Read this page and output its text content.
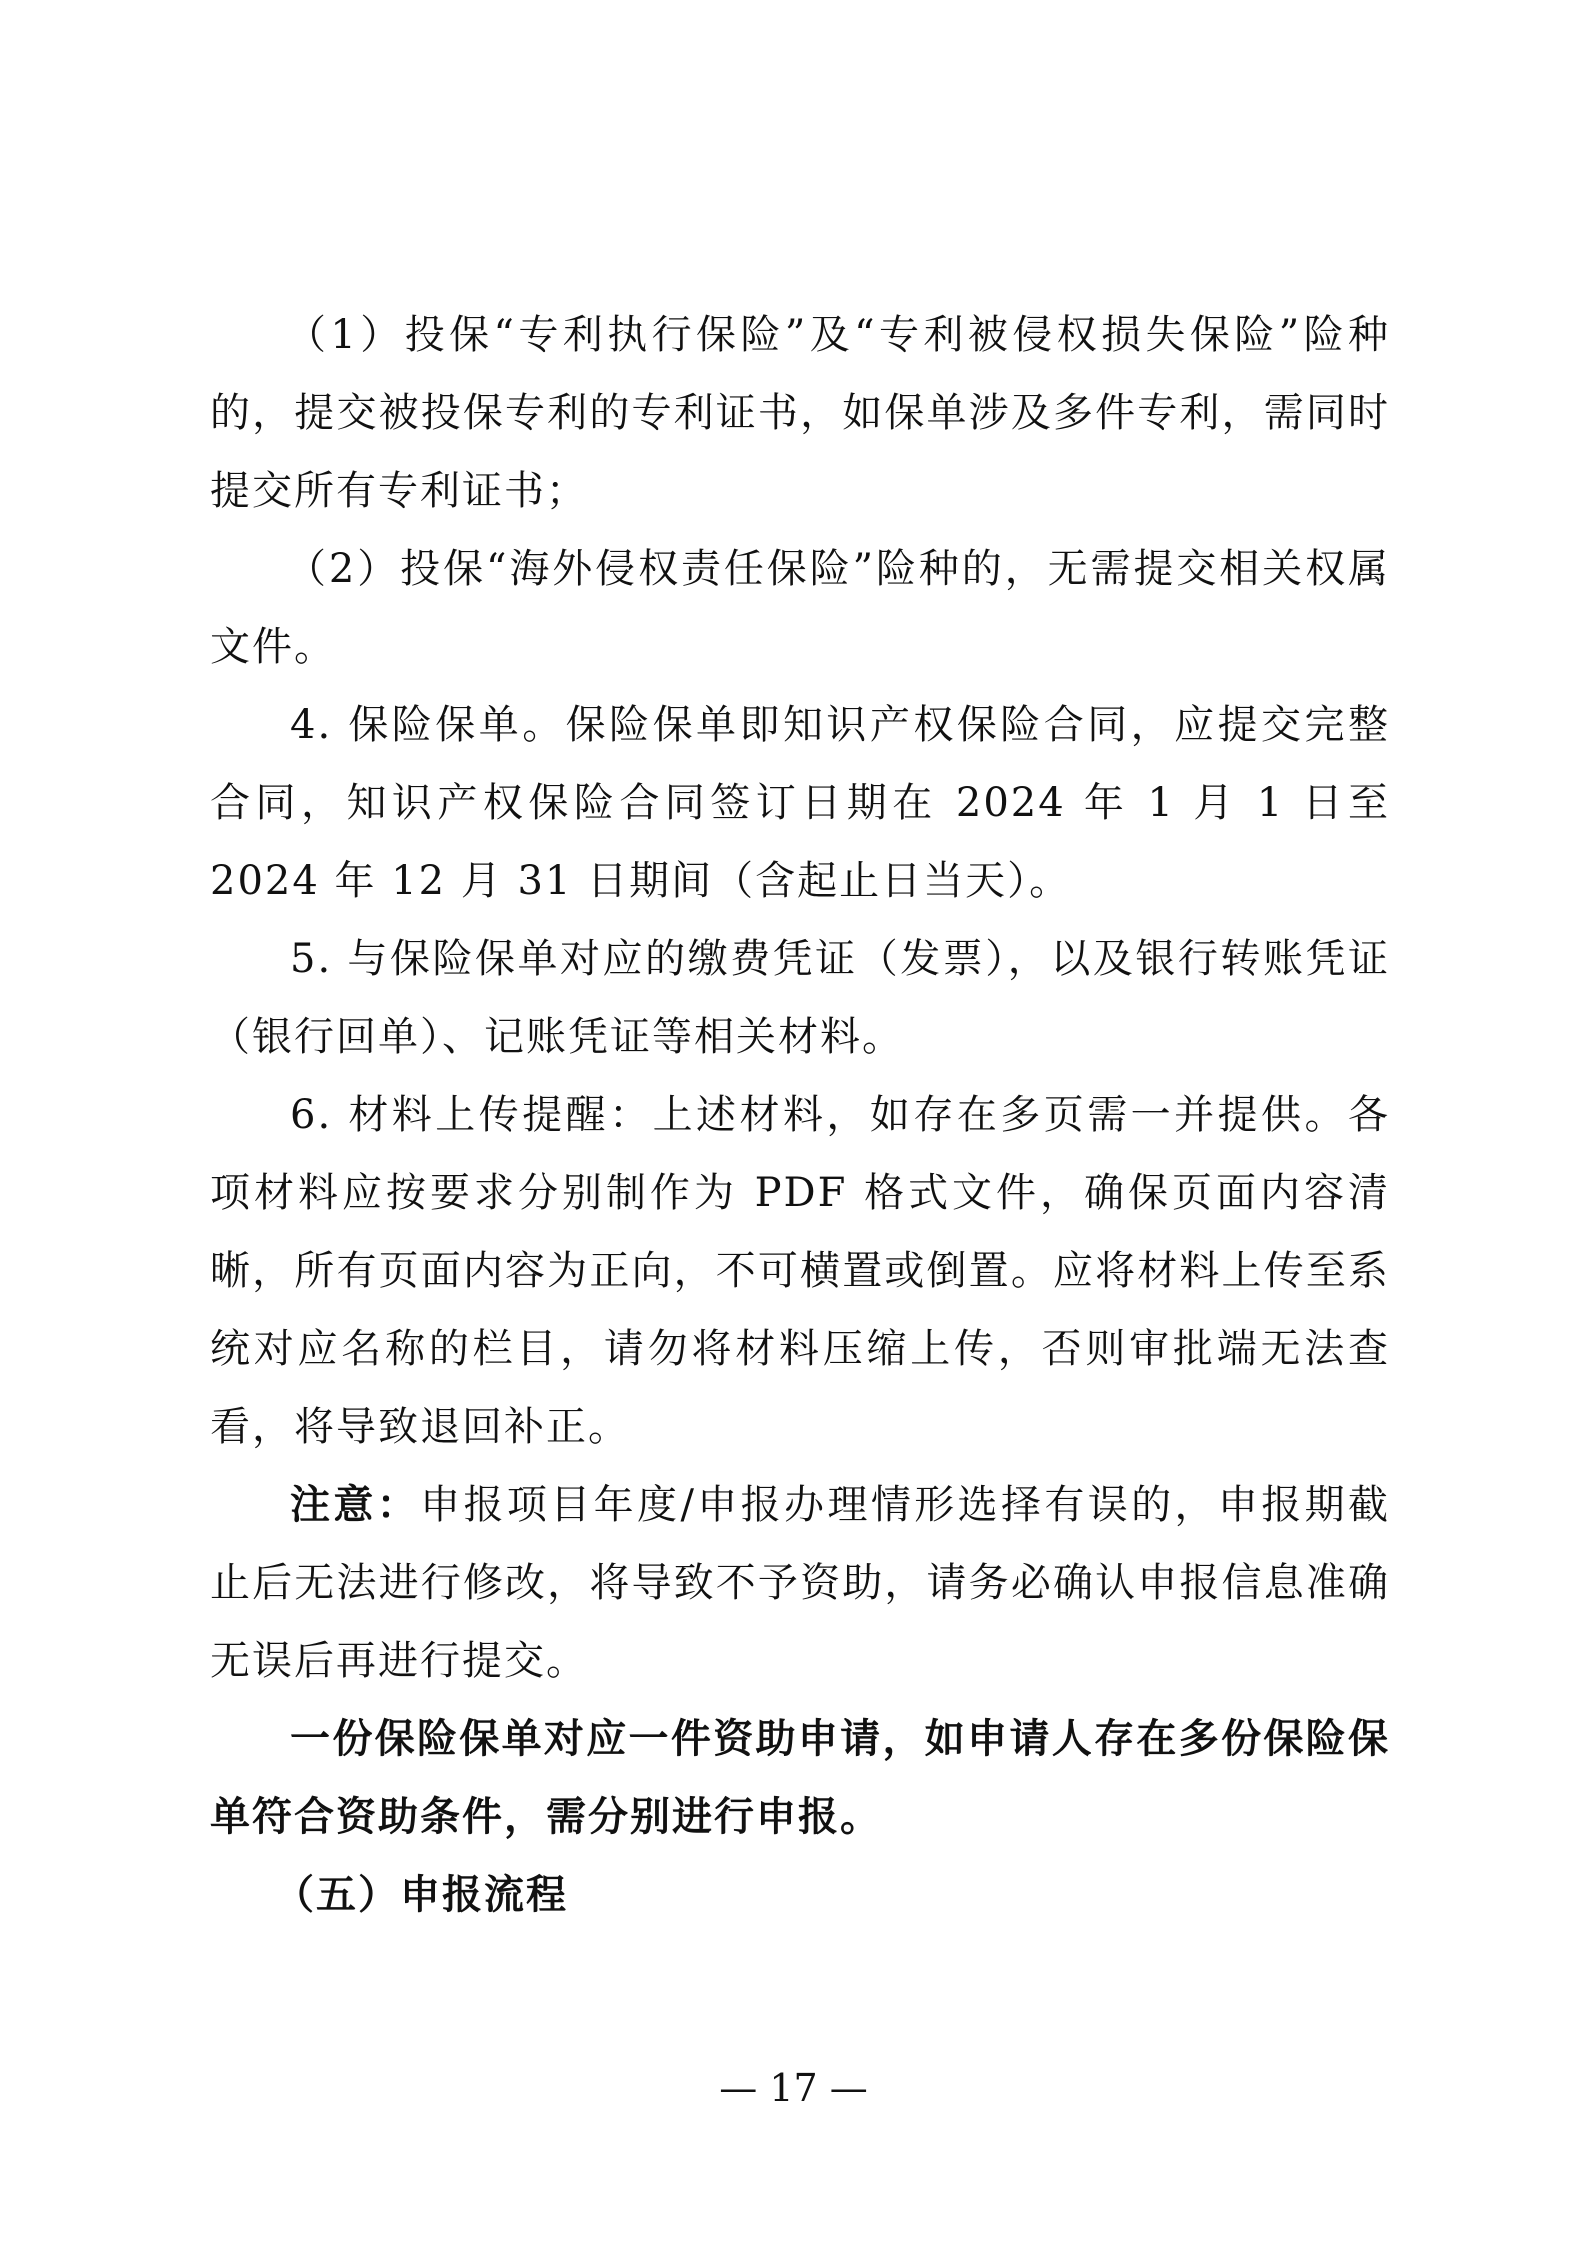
（1）投保“专利执行保险”及“专利被侵权损失保险”险种的，提交被投保专利的专利证书，如保单涉及多件专利，需同时提交所有专利证书；

（2）投保“海外侵权责任保险”险种的，无需提交相关权属文件。

4. 保险保单。保险保单即知识产权保险合同，应提交完整合同，知识产权保险合同签订日期在 2024 年 1 月 1 日至 2024 年 12 月 31 日期间（含起止日当天）。

5. 与保险保单对应的缴费凭证（发票），以及银行转账凭证（银行回单）、记账凭证等相关材料。

6. 材料上传提醒：上述材料，如存在多页需一并提供。各项材料应按要求分别制作为 PDF 格式文件，确保页面内容清晰，所有页面内容为正向，不可横置或倒置。应将材料上传至系统对应名称的栏目，请勿将材料压缩上传，否则审批端无法查看，将导致退回补正。

注意：申报项目年度/申报办理情形选择有误的，申报期截止后无法进行修改，将导致不予资助，请务必确认申报信息准确无误后再进行提交。

一份保险保单对应一件资助申请，如申请人存在多份保险保单符合资助条件，需分别进行申报。

（五）申报流程

— 17 —
